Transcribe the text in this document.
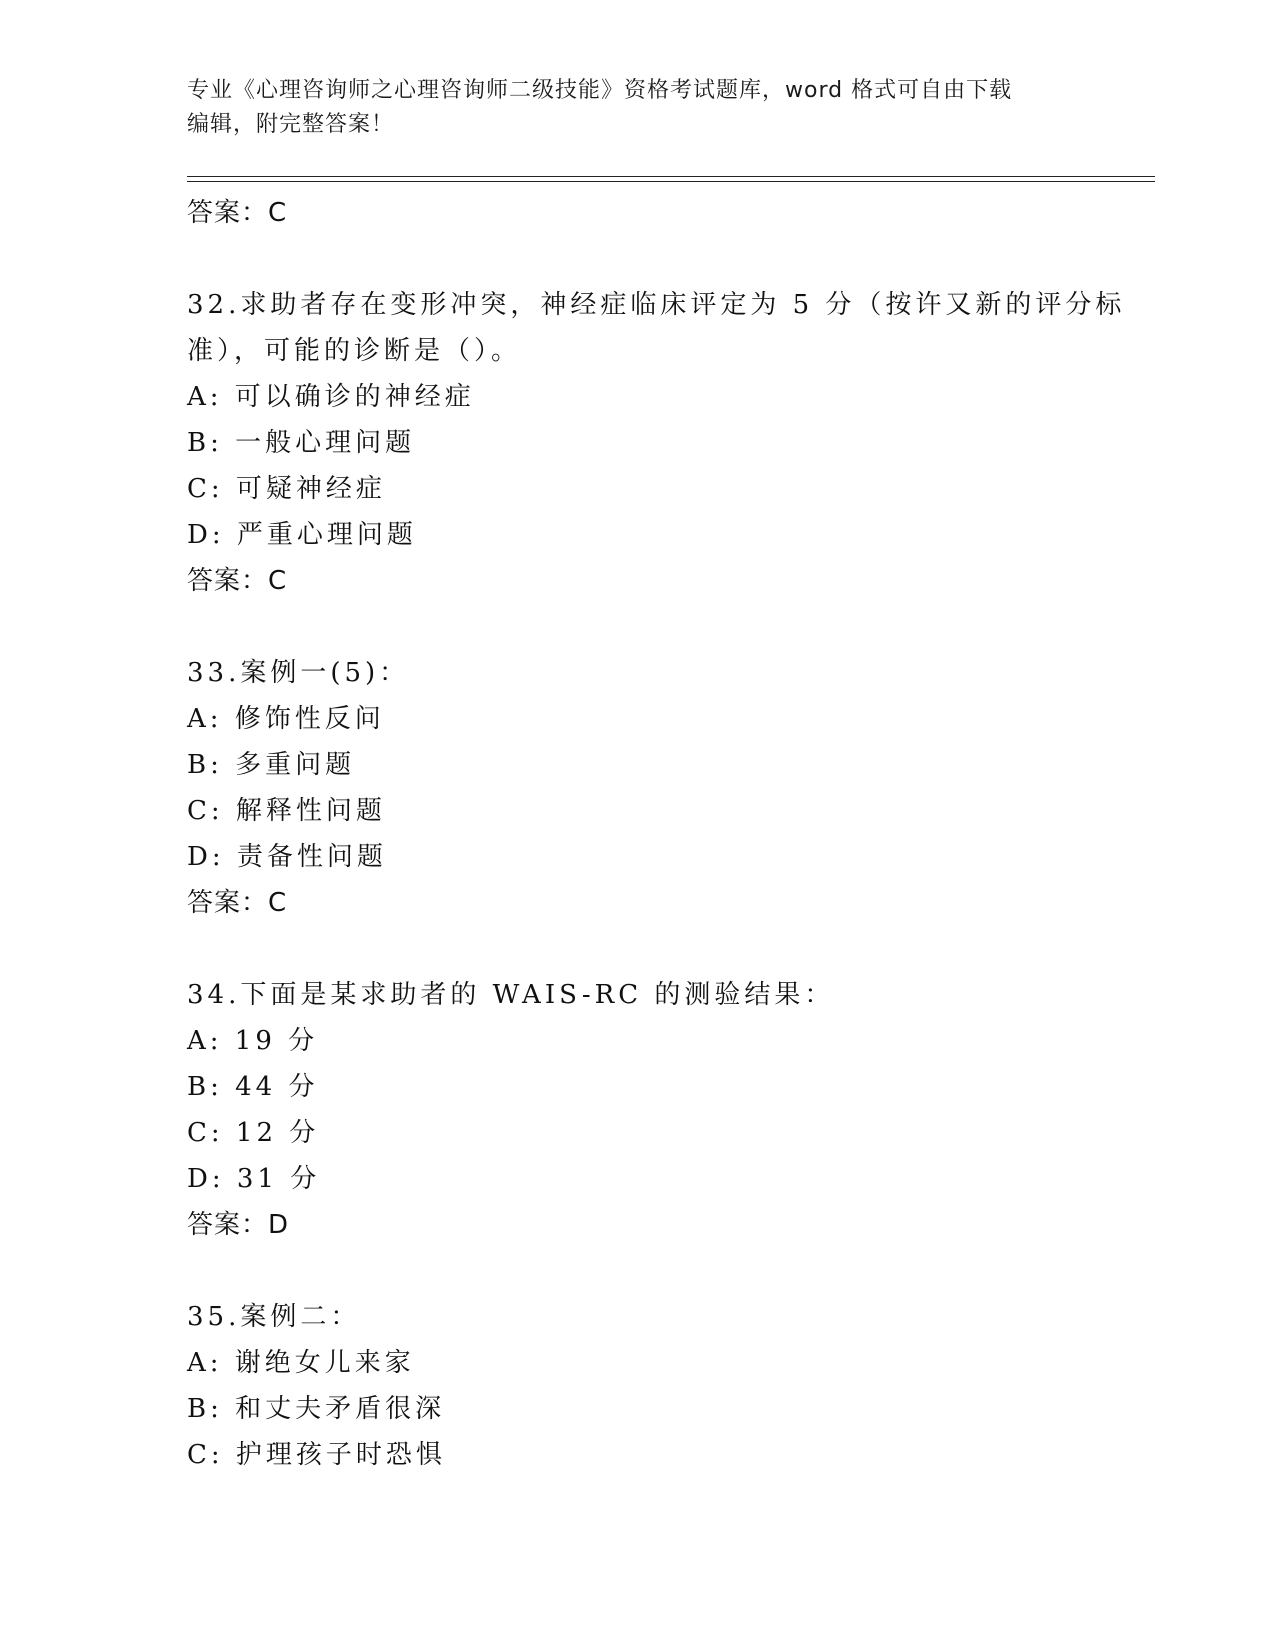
专业《心理咨询师之心理咨询师二级技能》资格考试题库，word 格式可自由下载
编辑，附完整答案！
答案：C
32.求助者存在变形冲突，神经症临床评定为 5 分（按许又新的评分标
准），可能的诊断是（）。
A: 可以确诊的神经症
B: 一般心理问题
C: 可疑神经症
D: 严重心理问题
答案：C
33.案例一(5)：
A: 修饰性反问
B: 多重问题
C: 解释性问题
D: 责备性问题
答案：C
34.下面是某求助者的 WAIS-RC 的测验结果：
A: 19 分
B: 44 分
C: 12 分
D: 31 分
答案：D
35.案例二：
A: 谢绝女儿来家
B: 和丈夫矛盾很深
C: 护理孩子时恐惧
